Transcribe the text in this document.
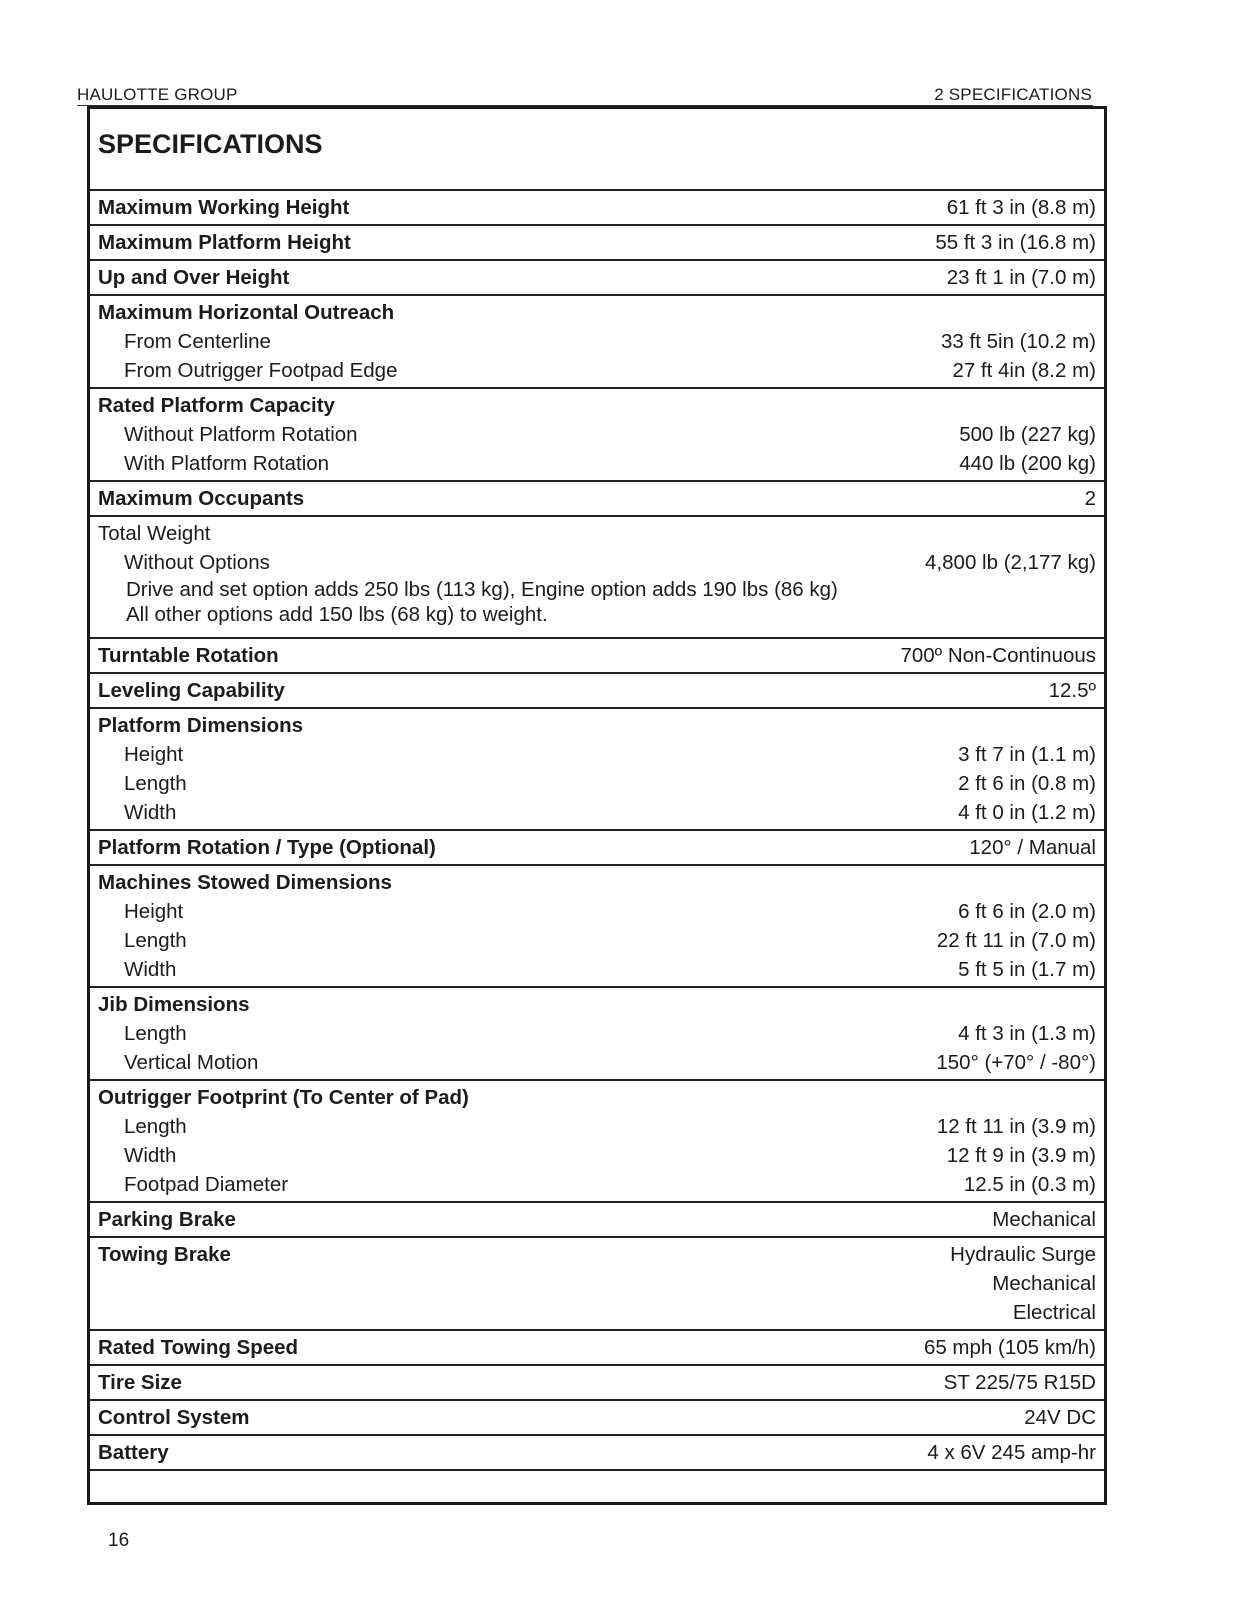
HAULOTTE GROUP	2 SPECIFICATIONS
SPECIFICATIONS
Maximum Working Height	61 ft 3 in (8.8 m)
Maximum Platform Height	55 ft 3 in (16.8 m)
Up and Over Height	23 ft 1 in (7.0 m)
Maximum Horizontal Outreach
From Centerline	33 ft 5in (10.2 m)
From Outrigger Footpad Edge	27 ft 4in (8.2 m)
Rated Platform Capacity
Without Platform Rotation	500 lb (227 kg)
With Platform Rotation	440 lb (200 kg)
Maximum Occupants	2
Total Weight
Without Options	4,800 lb (2,177 kg)
Drive and set option adds 250 lbs (113 kg), Engine option adds 190 lbs (86 kg)
All other options add 150 lbs (68 kg) to weight.
Turntable Rotation	700º Non-Continuous
Leveling Capability	12.5º
Platform Dimensions
Height	3 ft 7 in (1.1 m)
Length	2 ft 6 in (0.8 m)
Width	4 ft 0 in (1.2 m)
Platform Rotation / Type (Optional)	120° / Manual
Machines Stowed Dimensions
Height	6 ft 6 in (2.0 m)
Length	22 ft 11 in (7.0 m)
Width	5 ft 5 in (1.7 m)
Jib Dimensions
Length	4 ft 3 in (1.3 m)
Vertical Motion	150° (+70° / -80°)
Outrigger Footprint (To Center of Pad)
Length	12 ft 11 in (3.9 m)
Width	12 ft 9 in (3.9 m)
Footpad Diameter	12.5 in (0.3 m)
Parking Brake	Mechanical
Towing Brake	Hydraulic Surge
Mechanical
Electrical
Rated Towing Speed	65 mph (105 km/h)
Tire Size	ST 225/75 R15D
Control System	24V DC
Battery	4 x 6V 245 amp-hr
16
